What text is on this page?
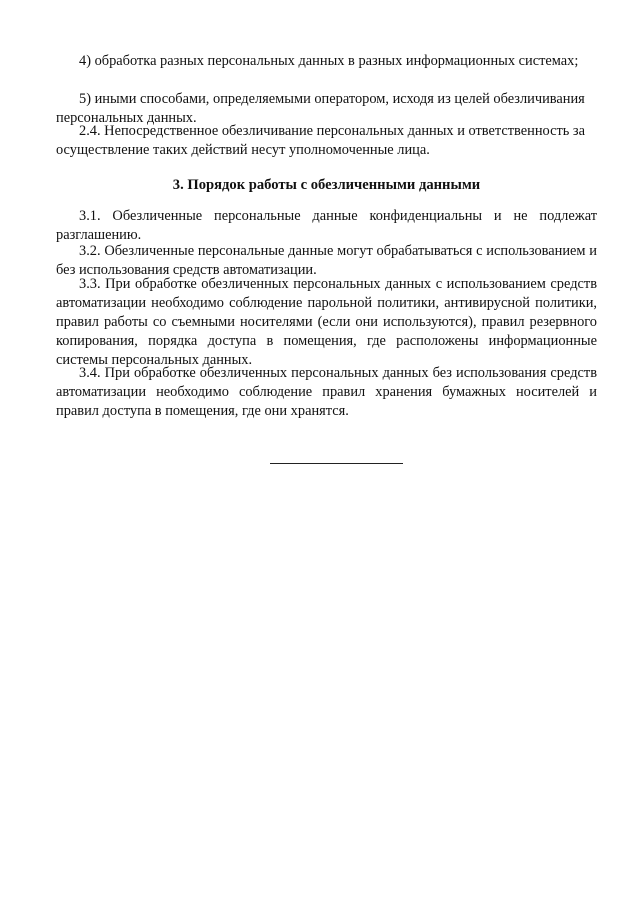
4) обработка разных персональных данных в разных информационных системах;

5) иными способами, определяемыми оператором, исходя из целей обезличивания персональных данных.

2.4. Непосредственное обезличивание персональных данных и ответственность за осуществление таких действий несут уполномоченные лица.

3. Порядок работы с обезличенными данными

3.1. Обезличенные персональные данные конфиденциальны и не подлежат разглашению.

3.2. Обезличенные персональные данные могут обрабатываться с использованием и без использования средств автоматизации.

3.3. При обработке обезличенных персональных данных с использованием средств автоматизации необходимо соблюдение парольной политики, антивирусной политики, правил работы со съемными носителями (если они используются), правил резервного копирования, порядка доступа в помещения, где расположены информационные системы персональных данных.

3.4. При обработке обезличенных персональных данных без использования средств автоматизации необходимо соблюдение правил хранения бумажных носителей и правил доступа в помещения, где они хранятся.
